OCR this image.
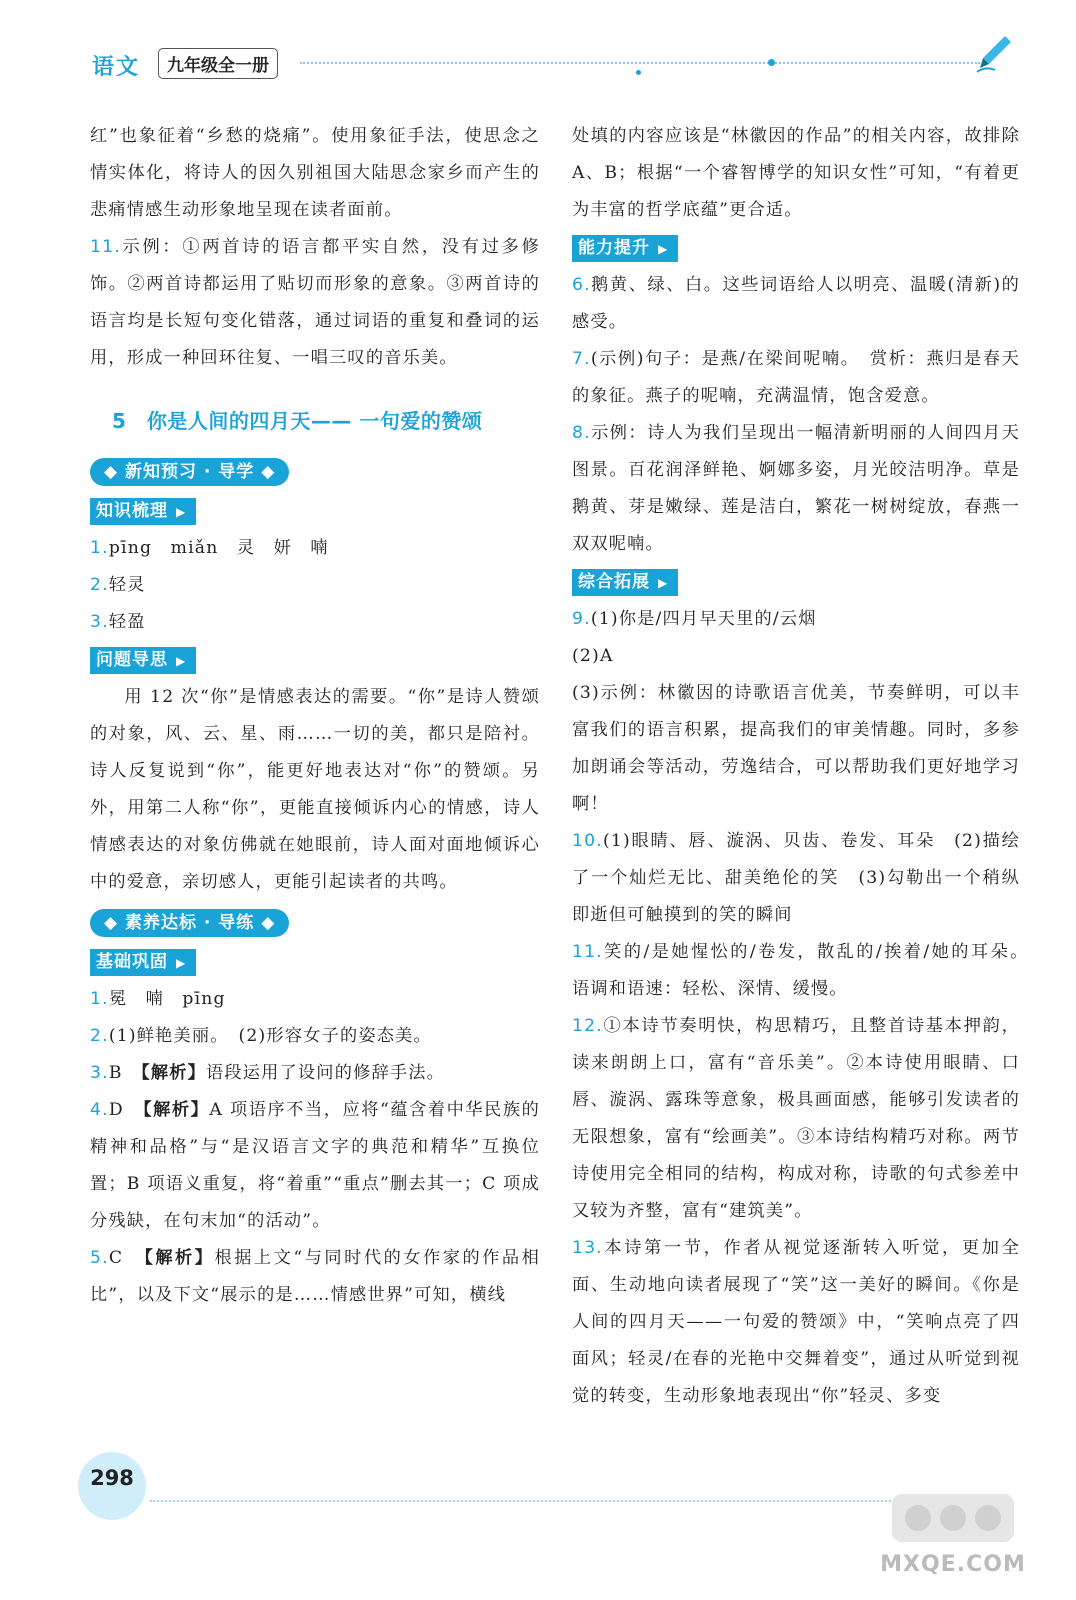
语文	九年级全一册

红”也象征着“乡愁的烧痛”。使用象征手法，使思念之情实体化，将诗人的因久别祖国大陆思念家乡而产生的悲痛情感生动形象地呈现在读者面前。

11.示例：①两首诗的语言都平实自然，没有过多修饰。②两首诗都运用了贴切而形象的意象。③两首诗的语言均是长短句变化错落，通过词语的重复和叠词的运用，形成一种回环往复、一唱三叹的音乐美。

5　你是人间的四月天—— 一句爱的赞颂
◆ 新知预习 · 导学 ◆
知识梳理 ▶

1.pīng　miǎn　灵　妍　喃

2.轻灵

3.轻盈

问题导思 ▶

用 12 次“你”是情感表达的需要。“你”是诗人赞颂的对象，风、云、星、雨……一切的美，都只是陪衬。诗人反复说到“你”，能更好地表达对“你”的赞颂。另外，用第二人称“你”，更能直接倾诉内心的情感，诗人情感表达的对象仿佛就在她眼前，诗人面对面地倾诉心中的爱意，亲切感人，更能引起读者的共鸣。

◆ 素养达标 · 导练 ◆
基础巩固 ▶

1.冕　喃　pīng

2.(1)鲜艳美丽。　(2)形容女子的姿态美。

3.B　【解析】语段运用了设问的修辞手法。

4.D　【解析】A 项语序不当，应将“蕴含着中华民族的精神和品格”与“是汉语言文字的典范和精华”互换位置；B 项语义重复，将“着重”“重点”删去其一；C 项成分残缺，在句末加“的活动”。

5.C　【解析】根据上文“与同时代的女作家的作品相比”，以及下文“展示的是……情感世界”可知，横线

处填的内容应该是“林徽因的作品”的相关内容，故排除 A、B；根据“一个睿智博学的知识女性”可知，“有着更为丰富的哲学底蕴”更合适。

能力提升 ▶

6.鹅黄、绿、白。这些词语给人以明亮、温暖(清新)的感受。

7.(示例)句子：是燕/在梁间呢喃。　赏析：燕归是春天的象征。燕子的呢喃，充满温情，饱含爱意。

8.示例：诗人为我们呈现出一幅清新明丽的人间四月天图景。百花润泽鲜艳、婀娜多姿，月光皎洁明净。草是鹅黄、芽是嫩绿、莲是洁白，繁花一树树绽放，春燕一双双呢喃。

综合拓展 ▶

9.(1)你是/四月早天里的/云烟

(2)A

(3)示例：林徽因的诗歌语言优美，节奏鲜明，可以丰富我们的语言积累，提高我们的审美情趣。同时，多参加朗诵会等活动，劳逸结合，可以帮助我们更好地学习啊！

10.(1)眼睛、唇、漩涡、贝齿、卷发、耳朵　(2)描绘了一个灿烂无比、甜美绝伦的笑　(3)勾勒出一个稍纵即逝但可触摸到的笑的瞬间

11.笑的/是她惺忪的/卷发，散乱的/挨着/她的耳朵。　语调和语速：轻松、深情、缓慢。

12.①本诗节奏明快，构思精巧，且整首诗基本押韵，读来朗朗上口，富有“音乐美”。②本诗使用眼睛、口唇、漩涡、露珠等意象，极具画面感，能够引发读者的无限想象，富有“绘画美”。③本诗结构精巧对称。两节诗使用完全相同的结构，构成对称，诗歌的句式参差中又较为齐整，富有“建筑美”。

13.本诗第一节，作者从视觉逐渐转入听觉，更加全面、生动地向读者展现了“笑”这一美好的瞬间。《你是人间的四月天——一句爱的赞颂》中，“笑响点亮了四面风；轻灵/在春的光艳中交舞着变”，通过从听觉到视觉的转变，生动形象地表现出“你”轻灵、多变

298
MXQE.COM
